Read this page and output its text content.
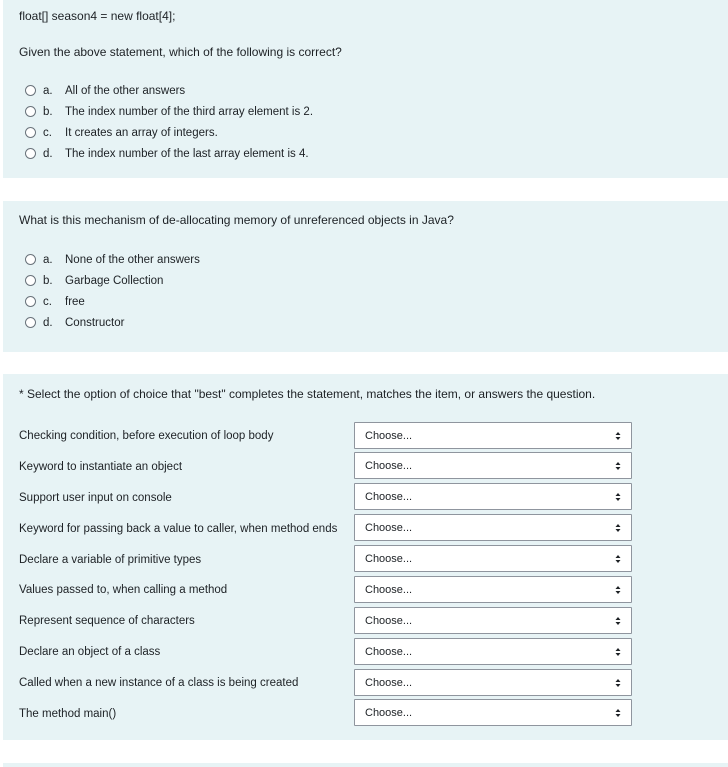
float[] season4 = new float[4];
Given the above statement, which of the following is correct?
a. All of the other answers
b. The index number of the third array element is 2.
c. It creates an array of integers.
d. The index number of the last array element is 4.
What is this mechanism of de-allocating memory of unreferenced objects in Java?
a. None of the other answers
b. Garbage Collection
c. free
d. Constructor
* Select the option of choice that "best" completes the statement, matches the item, or answers the question.
Checking condition, before execution of loop body	Choose...
Keyword to instantiate an object	Choose...
Support user input on console	Choose...
Keyword for passing back a value to caller, when method ends	Choose...
Declare a variable of primitive types	Choose...
Values passed to, when calling a method	Choose...
Represent sequence of characters	Choose...
Declare an object of a class	Choose...
Called when a new instance of a class is being created	Choose...
The method main()	Choose...
